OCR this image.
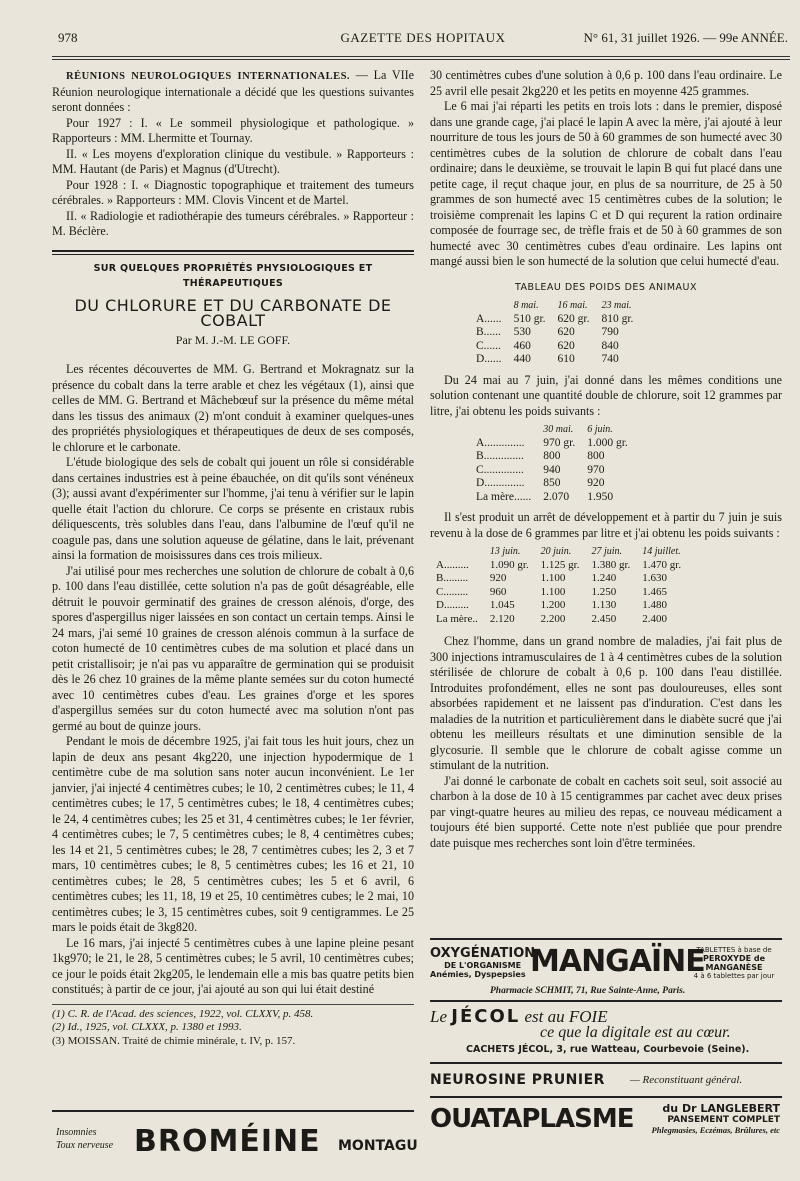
978	GAZETTE DES HOPITAUX	N° 61, 31 juillet 1926. — 99e ANNÉE.

RÉUNIONS NEUROLOGIQUES INTERNATIONALES. — La VIIe Réunion neurologique internationale a décidé que les questions suivantes seront données :

Pour 1927 : I. « Le sommeil physiologique et pathologique. » Rapporteurs : MM. Lhermitte et Tournay.

II. « Les moyens d'exploration clinique du vestibule. » Rapporteurs : MM. Hautant (de Paris) et Magnus (d'Utrecht).

Pour 1928 : I. « Diagnostic topographique et traitement des tumeurs cérébrales. » Rapporteurs : MM. Clovis Vincent et de Martel.

II. « Radiologie et radiothérapie des tumeurs cérébrales. » Rapporteur : M. Béclère.

SUR QUELQUES PROPRIÉTÉS PHYSIOLOGIQUES ET THÉRAPEUTIQUES
DU CHLORURE ET DU CARBONATE DE COBALT
Par M. J.-M. LE GOFF.

Les récentes découvertes de MM. G. Bertrand et Mokragnatz sur la présence du cobalt dans la terre arable et chez les végétaux (1), ainsi que celles de MM. G. Bertrand et Mâchebœuf sur la présence du même métal dans les tissus des animaux (2) m'ont conduit à examiner quelques-unes des propriétés physiologiques et thérapeutiques de deux de ses composés, le chlorure et le carbonate.

L'étude biologique des sels de cobalt qui jouent un rôle si considérable dans certaines industries est à peine ébauchée, on dit qu'ils sont vénéneux (3); aussi avant d'expérimenter sur l'homme, j'ai tenu à vérifier sur le lapin quelle était l'action du chlorure. Ce corps se présente en cristaux rubis déliquescents, très solubles dans l'eau, dans l'albumine de l'œuf qu'il ne coagule pas, dans une solution aqueuse de gélatine, dans le lait, prévenant ainsi la formation de moisissures dans ces trois milieux.

J'ai utilisé pour mes recherches une solution de chlorure de cobalt à 0,6 p. 100 dans l'eau distillée, cette solution n'a pas de goût désagréable, elle détruit le pouvoir germinatif des graines de cresson alénois, d'orge, des spores d'aspergillus niger laissées en son contact un certain temps. Ainsi le 24 mars, j'ai semé 10 graines de cresson alénois commun à la surface de coton humecté de 10 centimètres cubes de ma solution et placé dans un petit cristallisoir; je n'ai pas vu apparaître de germination qui se produisit dès le 26 chez 10 graines de la même plante semées sur du coton humecté avec 10 centimètres cubes d'eau. Les graines d'orge et les spores d'aspergillus semées sur du coton humecté avec ma solution n'ont pas germé au bout de quinze jours.

Pendant le mois de décembre 1925, j'ai fait tous les huit jours, chez un lapin de deux ans pesant 4kg220, une injection hypodermique de 1 centimètre cube de ma solution sans noter aucun inconvénient. Le 1er janvier, j'ai injecté 4 centimètres cubes; le 10, 2 centimètres cubes; le 11, 4 centimètres cubes; le 17, 5 centimètres cubes; le 18, 4 centimètres cubes; le 24, 4 centimètres cubes; les 25 et 31, 4 centimètres cubes; le 1er février, 4 centimètres cubes; le 7, 5 centimètres cubes; le 8, 4 centimètres cubes; les 14 et 21, 5 centimètres cubes; le 28, 7 centimètres cubes; les 2, 3 et 7 mars, 10 centimètres cubes; le 8, 5 centimètres cubes; les 16 et 21, 10 centimètres cubes; le 28, 5 centimètres cubes; les 5 et 6 avril, 6 centimètres cubes; les 11, 18, 19 et 25, 10 centimètres cubes; le 2 mai, 10 centimètres cubes; le 3, 15 centimètres cubes, soit 9 centigrammes. Le 25 mars le poids était de 3kg820.

Le 16 mars, j'ai injecté 5 centimètres cubes à une lapine pleine pesant 1kg970; le 21, le 28, 5 centimètres cubes; le 5 avril, 10 centimètres cubes; ce jour le poids était 2kg205, le lendemain elle a mis bas quatre petits bien constitués; à partir de ce jour, j'ai ajouté au son qui lui était destiné

(1) C. R. de l'Acad. des sciences, 1922, vol. CLXXV, p. 458.
(2) Id., 1925, vol. CLXXX, p. 1380 et 1993.
(3) MOISSAN. Traité de chimie minérale, t. IV, p. 157.
Insomnies
Toux nerveuse BROMÉINE MONTAGU

30 centimètres cubes d'une solution à 0,6 p. 100 dans l'eau ordinaire. Le 25 avril elle pesait 2kg220 et les petits en moyenne 425 grammes.

Le 6 mai j'ai réparti les petits en trois lots : dans le premier, disposé dans une grande cage, j'ai placé le lapin A avec la mère, j'ai ajouté à leur nourriture de tous les jours de 50 à 60 grammes de son humecté avec 30 centimètres cubes de la solution de chlorure de cobalt dans l'eau ordinaire; dans le deuxième, se trouvait le lapin B qui fut placé dans une petite cage, il reçut chaque jour, en plus de sa nourriture, de 25 à 50 grammes de son humecté avec 15 centimètres cubes de la solution; le troisième comprenait les lapins C et D qui reçurent la ration ordinaire composée de fourrage sec, de trèfle frais et de 50 à 60 grammes de son humecté avec 30 centimètres cubes d'eau ordinaire. Les lapins ont mangé aussi bien le son humecté de la solution que celui humecté d'eau.

TABLEAU DES POIDS DES ANIMAUX
	8 mai.	16 mai.	23 mai.
A......	510 gr.	620 gr.	810 gr.
B......	530	620	790
C......	460	620	840
D......	440	610	740

Du 24 mai au 7 juin, j'ai donné dans les mêmes conditions une solution contenant une quantité double de chlorure, soit 12 grammes par litre, j'ai obtenu les poids suivants :

	30 mai.	6 juin.
A..............	970 gr.	1.000 gr.
B..............	800	800
C..............	940	970
D..............	850	920
La mère......	2.070	1.950

Il s'est produit un arrêt de développement et à partir du 7 juin je suis revenu à la dose de 6 grammes par litre et j'ai obtenu les poids suivants :

	13 juin.	20 juin.	27 juin.	14 juillet.
A.........	1.090 gr.	1.125 gr.	1.380 gr.	1.470 gr.
B.........	920	1.100	1.240	1.630
C.........	960	1.100	1.250	1.465
D.........	1.045	1.200	1.130	1.480
La mère..	2.120	2.200	2.450	2.400

Chez l'homme, dans un grand nombre de maladies, j'ai fait plus de 300 injections intramusculaires de 1 à 4 centimètres cubes de la solution stérilisée de chlorure de cobalt à 0,6 p. 100 dans l'eau distillée. Introduites profondément, elles ne sont pas douloureuses, elles sont absorbées rapidement et ne laissent pas d'induration. C'est dans les maladies de la nutrition et particulièrement dans le diabète sucré que j'ai obtenu les meilleurs résultats et une diminution sensible de la glycosurie. Il semble que le chlorure de cobalt agisse comme un stimulant de la nutrition.

J'ai donné le carbonate de cobalt en cachets soit seul, soit associé au charbon à la dose de 10 à 15 centigrammes par cachet avec deux prises par vingt-quatre heures au milieu des repas, ce nouveau médicament a toujours été bien supporté. Cette note n'est publiée que pour prendre date puisque mes recherches sont loin d'être terminées.

OXYGÉNATION
DE L'ORGANISME
Anémies, Dyspepsies MANGAÏNE
TABLETTES à base de
PEROXYDE de MANGANÈSE
4 à 6 tablettes par jour
Pharmacie SCHMIT, 71, Rue Sainte-Anne, Paris.
Le JÉCOL est au FOIE
ce que la digitale est au cœur.
CACHETS JÉCOL, 3, rue Watteau, Courbevoie (Seine).
NEUROSINE PRUNIER — Reconstituant général.
OUATAPLASME	du Dr LANGLEBERT
PANSEMENT COMPLET
Phlegmasies, Eczémas, Brûlures, etc
